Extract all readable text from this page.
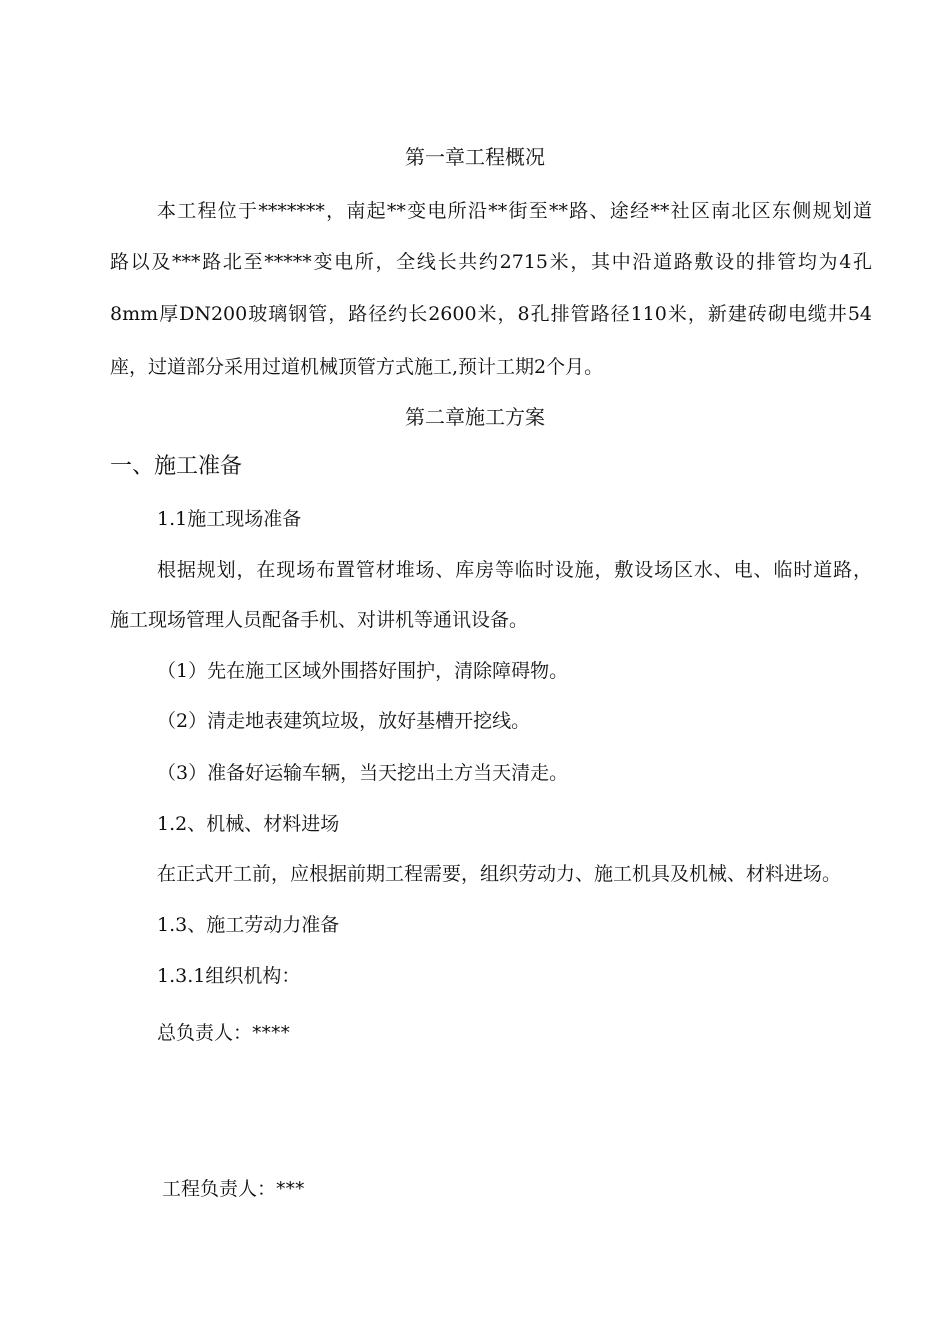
第一章工程概况
本工程位于*******，南起**变电所沿**街至**路、途经**社区南北区东侧规划道
路以及***路北至*****变电所，全线长共约2715米，其中沿道路敷设的排管均为4孔
8mm厚DN200玻璃钢管，路径约长2600米，8孔排管路径110米，新建砖砌电缆井54
座，过道部分采用过道机械顶管方式施工,预计工期2个月。
第二章施工方案
一、施工准备
1.1施工现场准备
根据规划，在现场布置管材堆场、库房等临时设施，敷设场区水、电、临时道路，
施工现场管理人员配备手机、对讲机等通讯设备。
（1）先在施工区域外围搭好围护，清除障碍物。
（2）清走地表建筑垃圾，放好基槽开挖线。
（3）准备好运输车辆，当天挖出土方当天清走。
1.2、机械、材料进场
在正式开工前，应根据前期工程需要，组织劳动力、施工机具及机械、材料进场。
1.3、施工劳动力准备
1.3.1组织机构：
总负责人：****
工程负责人：***
